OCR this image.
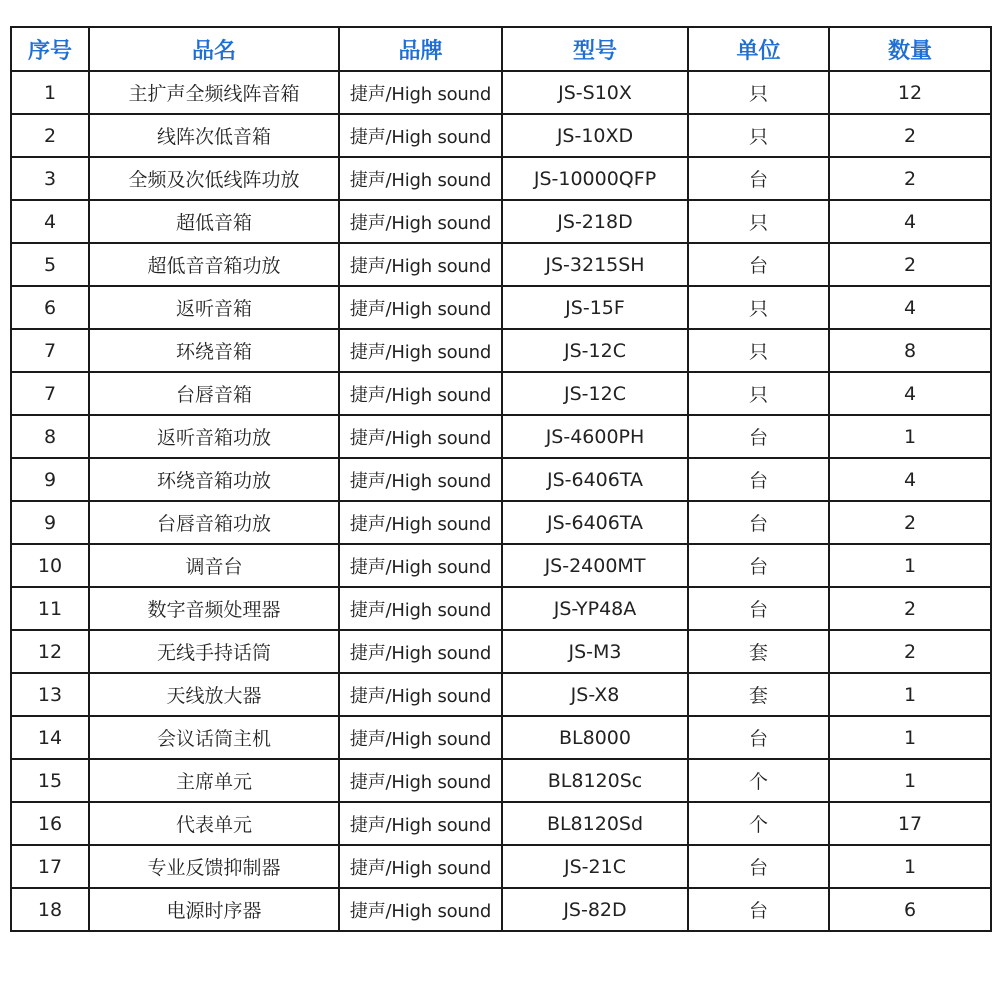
序号	品名	品牌	型号	单位	数量
1	主扩声全频线阵音箱	捷声/High sound	JS-S10X	只	12
2	线阵次低音箱	捷声/High sound	JS-10XD	只	2
3	全频及次低线阵功放	捷声/High sound	JS-10000QFP	台	2
4	超低音箱	捷声/High sound	JS-218D	只	4
5	超低音音箱功放	捷声/High sound	JS-3215SH	台	2
6	返听音箱	捷声/High sound	JS-15F	只	4
7	环绕音箱	捷声/High sound	JS-12C	只	8
7	台唇音箱	捷声/High sound	JS-12C	只	4
8	返听音箱功放	捷声/High sound	JS-4600PH	台	1
9	环绕音箱功放	捷声/High sound	JS-6406TA	台	4
9	台唇音箱功放	捷声/High sound	JS-6406TA	台	2
10	调音台	捷声/High sound	JS-2400MT	台	1
11	数字音频处理器	捷声/High sound	JS-YP48A	台	2
12	无线手持话筒	捷声/High sound	JS-M3	套	2
13	天线放大器	捷声/High sound	JS-X8	套	1
14	会议话筒主机	捷声/High sound	BL8000	台	1
15	主席单元	捷声/High sound	BL8120Sc	个	1
16	代表单元	捷声/High sound	BL8120Sd	个	17
17	专业反馈抑制器	捷声/High sound	JS-21C	台	1
18	电源时序器	捷声/High sound	JS-82D	台	6
